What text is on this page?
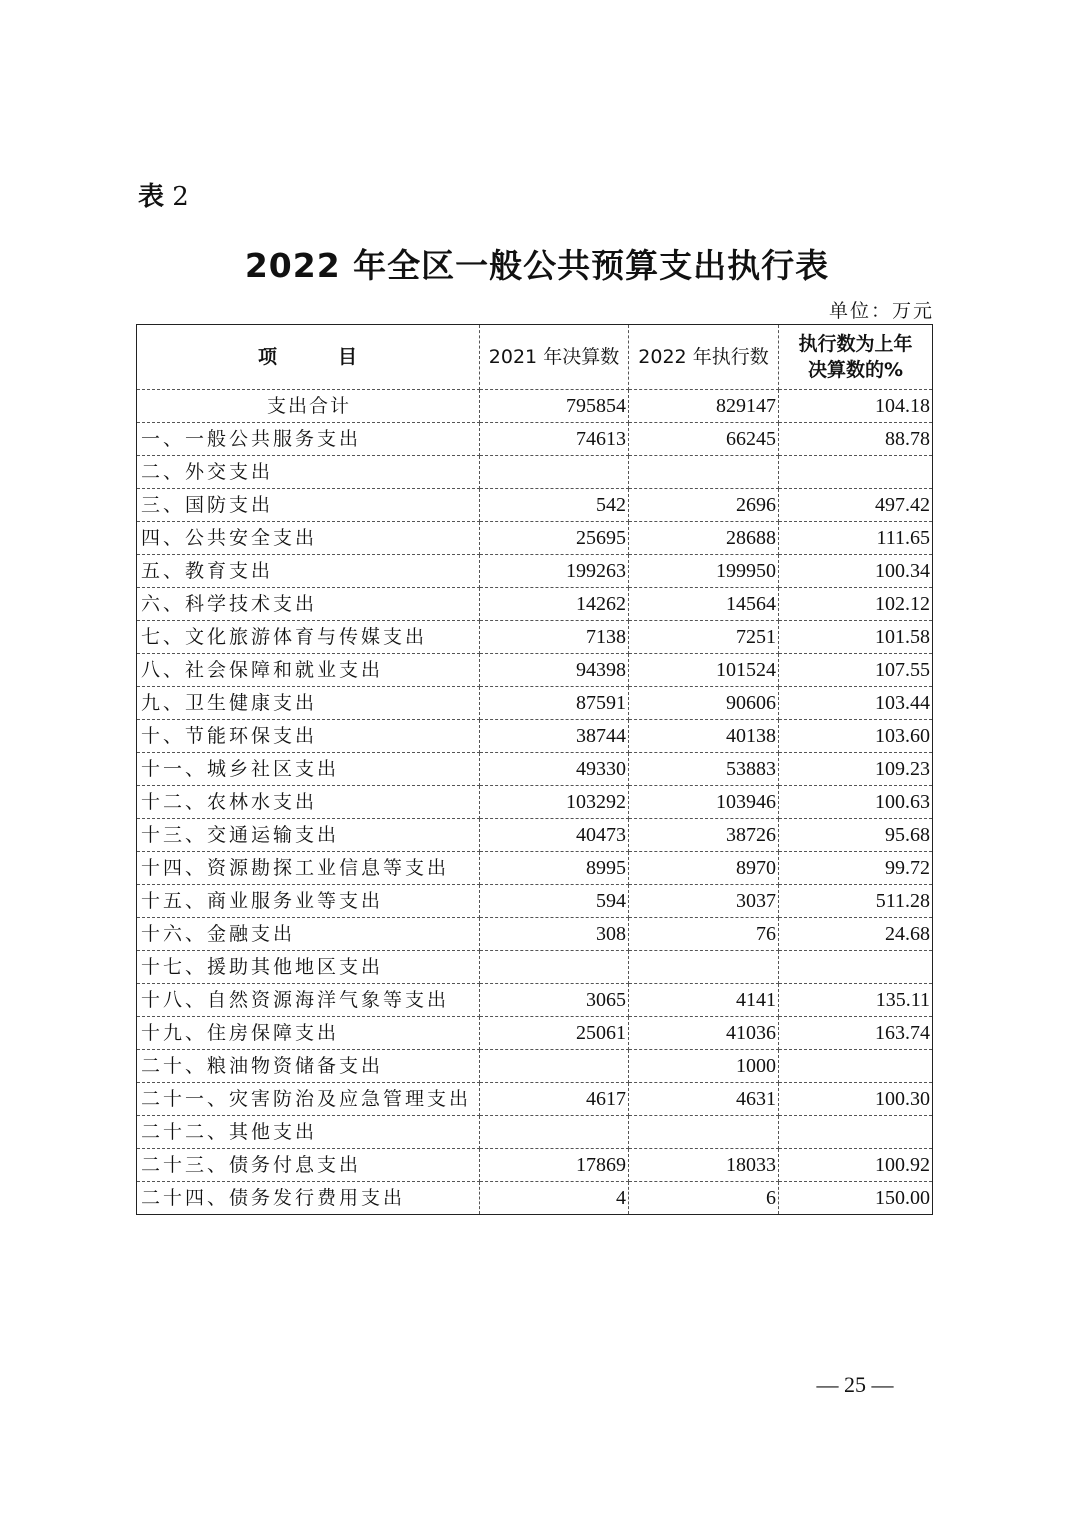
表 2
2022 年全区一般公共预算支出执行表
单位：万元
项 目	2021 年决算数	2022 年执行数	执行数为上年决算数的%
支出合计	795854	829147	104.18
一、一般公共服务支出	74613	66245	88.78
二、外交支出			
三、国防支出	542	2696	497.42
四、公共安全支出	25695	28688	111.65
五、教育支出	199263	199950	100.34
六、科学技术支出	14262	14564	102.12
七、文化旅游体育与传媒支出	7138	7251	101.58
八、社会保障和就业支出	94398	101524	107.55
九、卫生健康支出	87591	90606	103.44
十、节能环保支出	38744	40138	103.60
十一、城乡社区支出	49330	53883	109.23
十二、农林水支出	103292	103946	100.63
十三、交通运输支出	40473	38726	95.68
十四、资源勘探工业信息等支出	8995	8970	99.72
十五、商业服务业等支出	594	3037	511.28
十六、金融支出	308	76	24.68
十七、援助其他地区支出			
十八、自然资源海洋气象等支出	3065	4141	135.11
十九、住房保障支出	25061	41036	163.74
二十、粮油物资储备支出		1000	
二十一、灾害防治及应急管理支出	4617	4631	100.30
二十二、其他支出			
二十三、债务付息支出	17869	18033	100.92
二十四、债务发行费用支出	4	6	150.00
— 25 —
